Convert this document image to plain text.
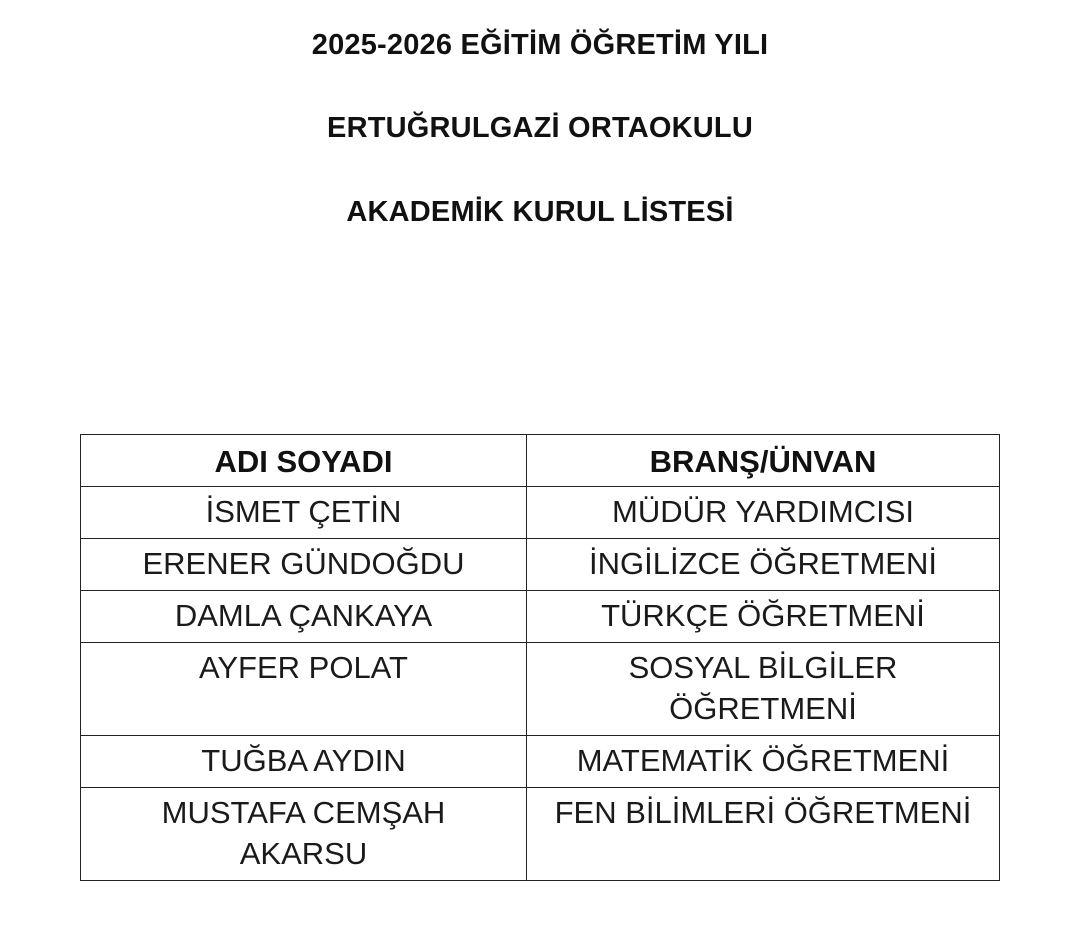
2025-2026 EĞİTİM ÖĞRETİM YILI
ERTUĞRULGAZİ ORTAOKULU
AKADEMİK KURUL LİSTESİ
ADI SOYADI	BRANŞ/ÜNVAN
İSMET ÇETİN	MÜDÜR YARDIMCISI
ERENER GÜNDOĞDU	İNGİLİZCE ÖĞRETMENİ
DAMLA ÇANKAYA	TÜRKÇE ÖĞRETMENİ
AYFER POLAT	SOSYAL BİLGİLER ÖĞRETMENİ
TUĞBA AYDIN	MATEMATİK ÖĞRETMENİ
MUSTAFA CEMŞAH AKARSU	FEN BİLİMLERİ ÖĞRETMENİ
